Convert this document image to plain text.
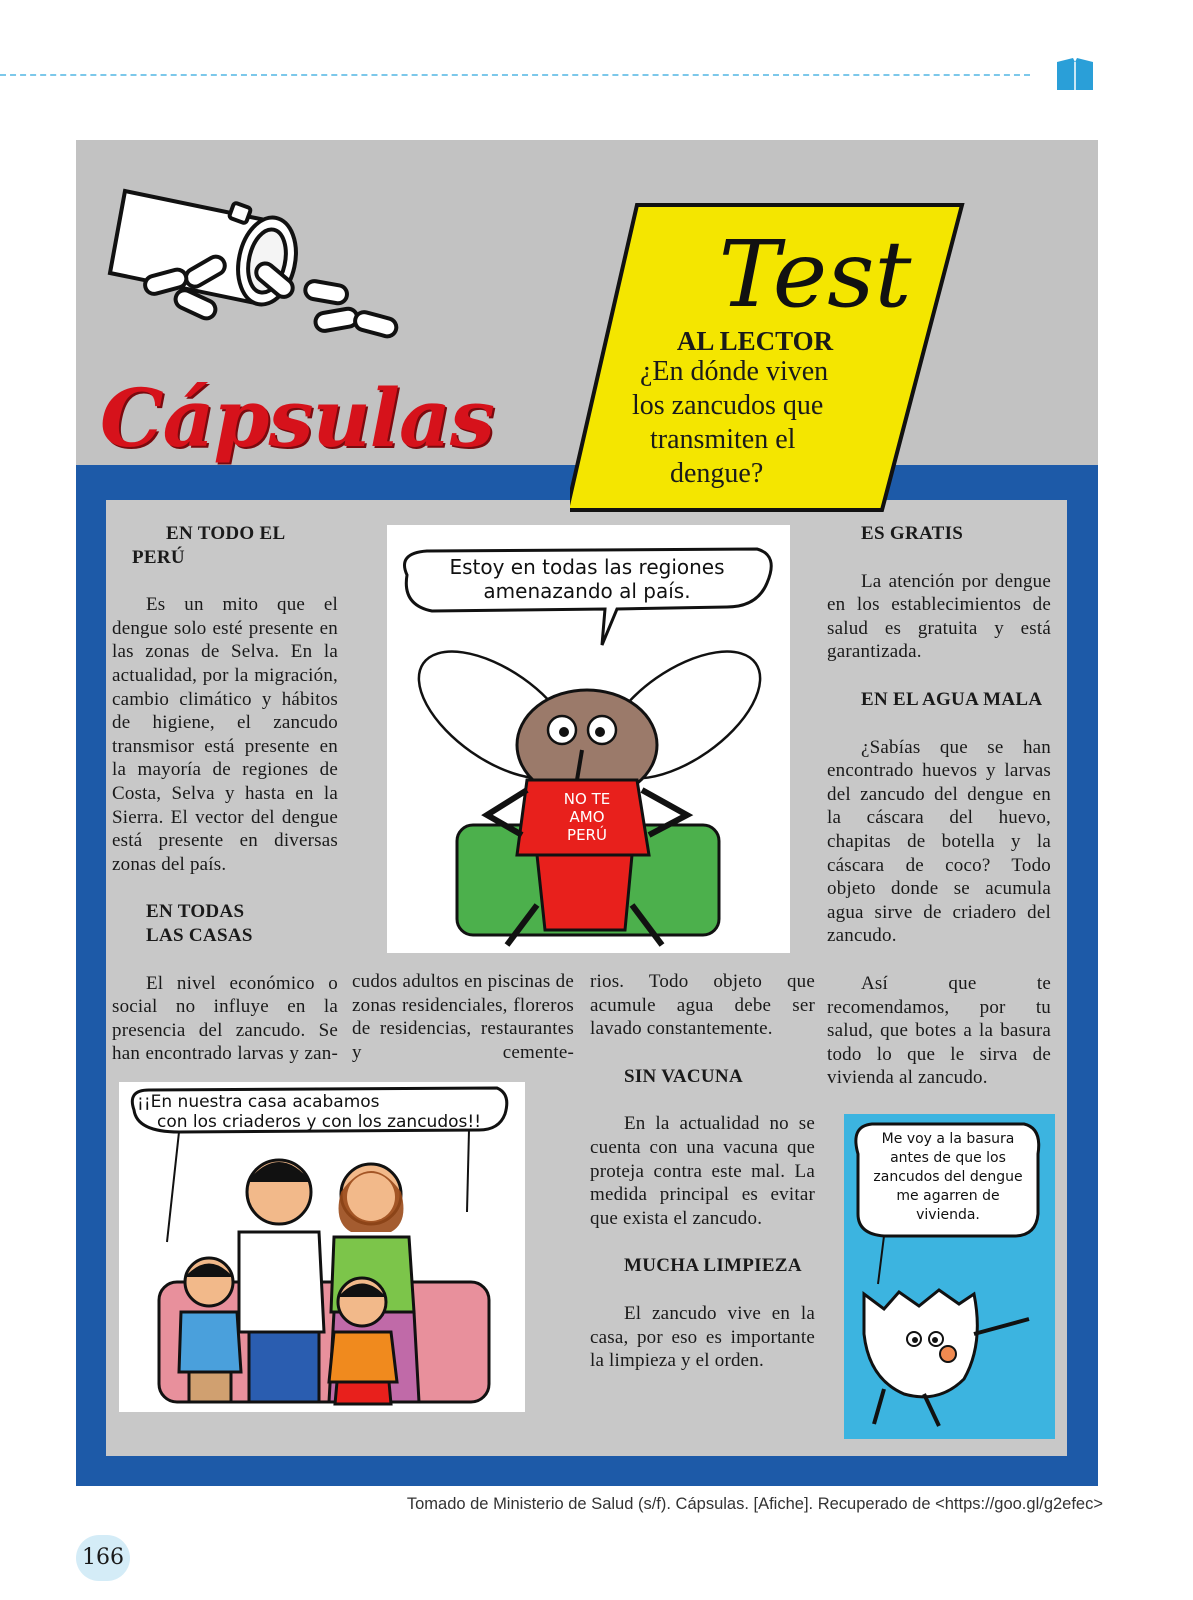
Cápsulas
Test
AL LECTOR
¿En dónde viven
los zancudos que
transmiten el
dengue?

EN TODO EL PERÚ

Es un mito que el dengue solo esté presente en las zonas de Selva. En la actualidad, por la migración, cambio climático y hábitos de higiene, el zancudo transmisor está presente en la mayoría de regiones de Costa, Selva y hasta en la Sierra. El vector del dengue está presente en diversas zonas del país.

EN TODAS

LAS CASAS

El nivel económico o social no influye en la presencia del zancudo. Se han encontrado larvas y zan-

cudos adultos en piscinas de zonas residenciales, floreros de residencias, restaurantes y cemente-

rios. Todo objeto que acumule agua debe ser lavado constantemente.

SIN VACUNA

En la actualidad no se cuenta con una vacuna que proteja contra este mal. La medida principal es evitar que exista el zancudo.

MUCHA LIMPIEZA

El zancudo vive en la casa, por eso es importante la limpieza y el orden.

ES GRATIS

La atención por dengue en los establecimientos de salud es gratuita y está garantizada.

EN EL AGUA MALA

¿Sabías que se han encontrado huevos y larvas del zancudo del dengue en la cáscara del huevo, chapitas de botella y la cáscara de coco? Todo objeto donde se acumula agua sirve de criadero del zancudo.

Así que te recomendamos, por tu salud, que botes a la basura todo lo que le sirva de vivienda al zancudo.

Estoy en todas las regiones
amenazando al país.
NO TE
AMO
PERÚ
¡¡En nuestra casa acabamos
con los criaderos y con los zancudos!!
Me voy a la basura
antes de que los
zancudos del dengue
me agarren de
vivienda.
Tomado de Ministerio de Salud (s/f). Cápsulas. [Afiche]. Recuperado de <https://goo.gl/g2efec>
166
